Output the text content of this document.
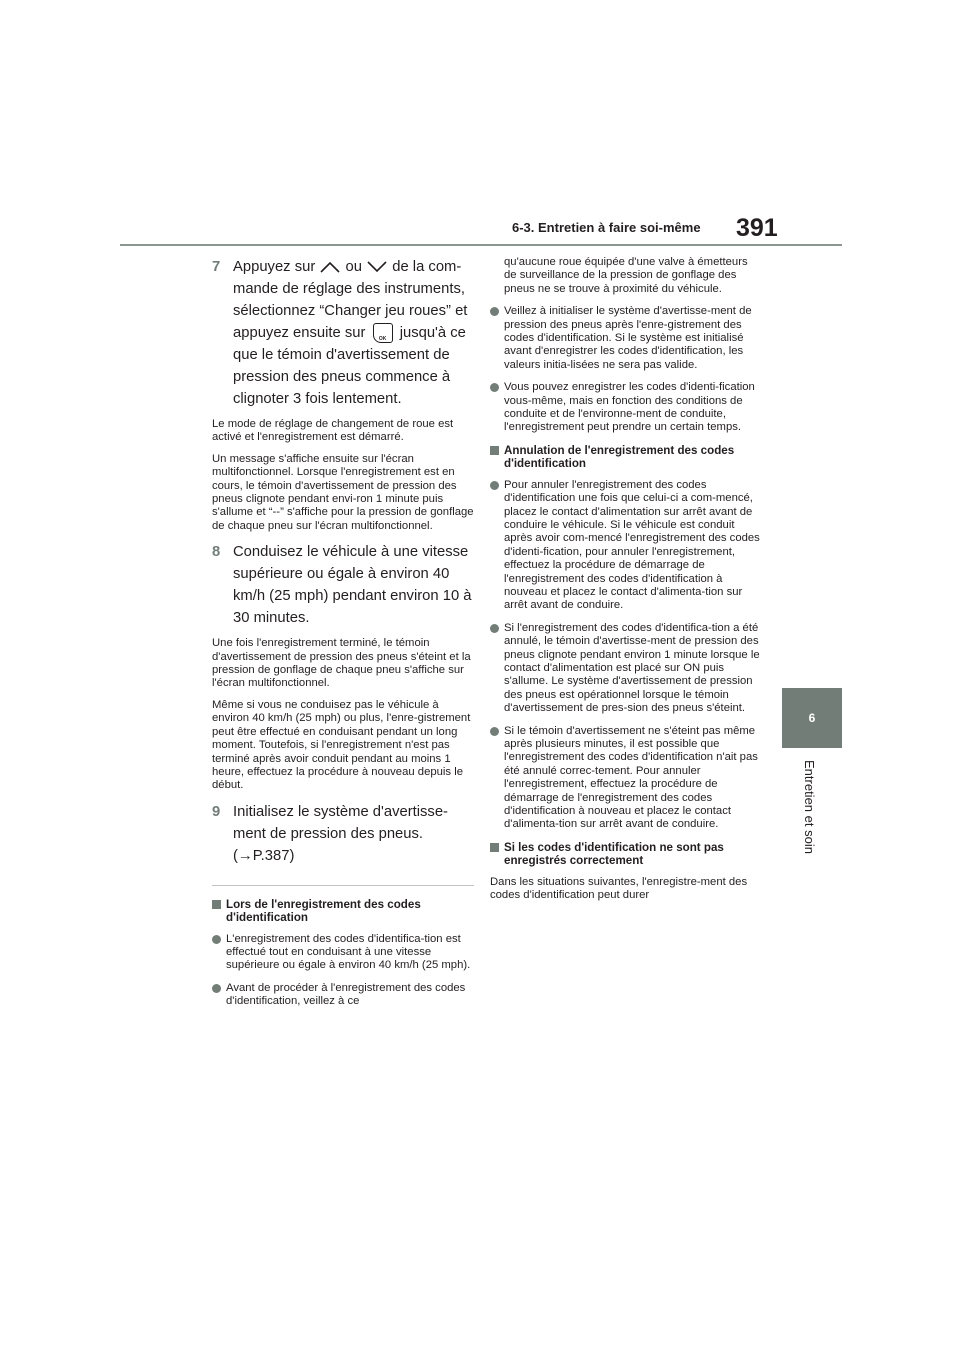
391
6-3. Entretien à faire soi-même
6
Entretien et soin
7 Appuyez sur ou de la com-mande de réglage des instruments, sélectionnez “Changer jeu roues” et appuyez ensuite sur	OK jusqu'à ce que le témoin d'avertissement de pression des pneus commence à clignoter 3 fois lentement.

Le mode de réglage de changement de roue est activé et l'enregistrement est démarré.

Un message s'affiche ensuite sur l'écran multifonctionnel. Lorsque l'enregistrement est en cours, le témoin d'avertissement de pression des pneus clignote pendant envi-ron 1 minute puis s'allume et “--” s'affiche pour la pression de gonflage de chaque pneu sur l'écran multifonctionnel.

8 Conduisez le véhicule à une vitesse supérieure ou égale à environ 40 km/h (25 mph) pendant environ 10 à 30 minutes.

Une fois l'enregistrement terminé, le témoin d'avertissement de pression des pneus s'éteint et la pression de gonflage de chaque pneu s'affiche sur l'écran multifonctionnel.

Même si vous ne conduisez pas le véhicule à environ 40 km/h (25 mph) ou plus, l'enre-gistrement peut être effectué en conduisant pendant un long moment. Toutefois, si l'enregistrement n'est pas terminé après avoir conduit pendant au moins 1 heure, effectuez la procédure à nouveau depuis le début.

9 Initialisez le système d'avertisse-ment de pression des pneus.
(→P.387)
Lors de l'enregistrement des codes d'identification
L'enregistrement des codes d'identifica-tion est effectué tout en conduisant à une vitesse supérieure ou égale à environ 40 km/h (25 mph).
Avant de procéder à l'enregistrement des codes d'identification, veillez à ce

qu'aucune roue équipée d'une valve à émetteurs de surveillance de la pression de gonflage des pneus ne se trouve à proximité du véhicule.

Veillez à initialiser le système d'avertisse-ment de pression des pneus après l'enre-gistrement des codes d'identification. Si le système est initialisé avant d'enregistrer les codes d'identification, les valeurs initia-lisées ne sera pas valide.
Vous pouvez enregistrer les codes d'identi-fication vous-même, mais en fonction des conditions de conduite et de l'environne-ment de conduite, l'enregistrement peut prendre un certain temps.
Annulation de l'enregistrement des codes d'identification
Pour annuler l'enregistrement des codes d'identification une fois que celui-ci a com-mencé, placez le contact d'alimentation sur arrêt avant de conduire le véhicule. Si le véhicule est conduit après avoir com-mencé l'enregistrement des codes d'identi-fication, pour annuler l'enregistrement, effectuez la procédure de démarrage de l'enregistrement des codes d'identification à nouveau et placez le contact d'alimenta-tion sur arrêt avant de conduire.
Si l'enregistrement des codes d'identifica-tion a été annulé, le témoin d'avertisse-ment de pression des pneus clignote pendant environ 1 minute lorsque le contact d'alimentation est placé sur ON puis s'allume. Le système d'avertissement de pression des pneus est opérationnel lorsque le témoin d'avertissement de pres-sion des pneus s'éteint.
Si le témoin d'avertissement ne s'éteint pas même après plusieurs minutes, il est possible que l'enregistrement des codes d'identification n'ait pas été annulé correc-tement. Pour annuler l'enregistrement, effectuez la procédure de démarrage de l'enregistrement des codes d'identification à nouveau et placez le contact d'alimenta-tion sur arrêt avant de conduire.
Si les codes d'identification ne sont pas enregistrés correctement

Dans les situations suivantes, l'enregistre-ment des codes d'identification peut durer
